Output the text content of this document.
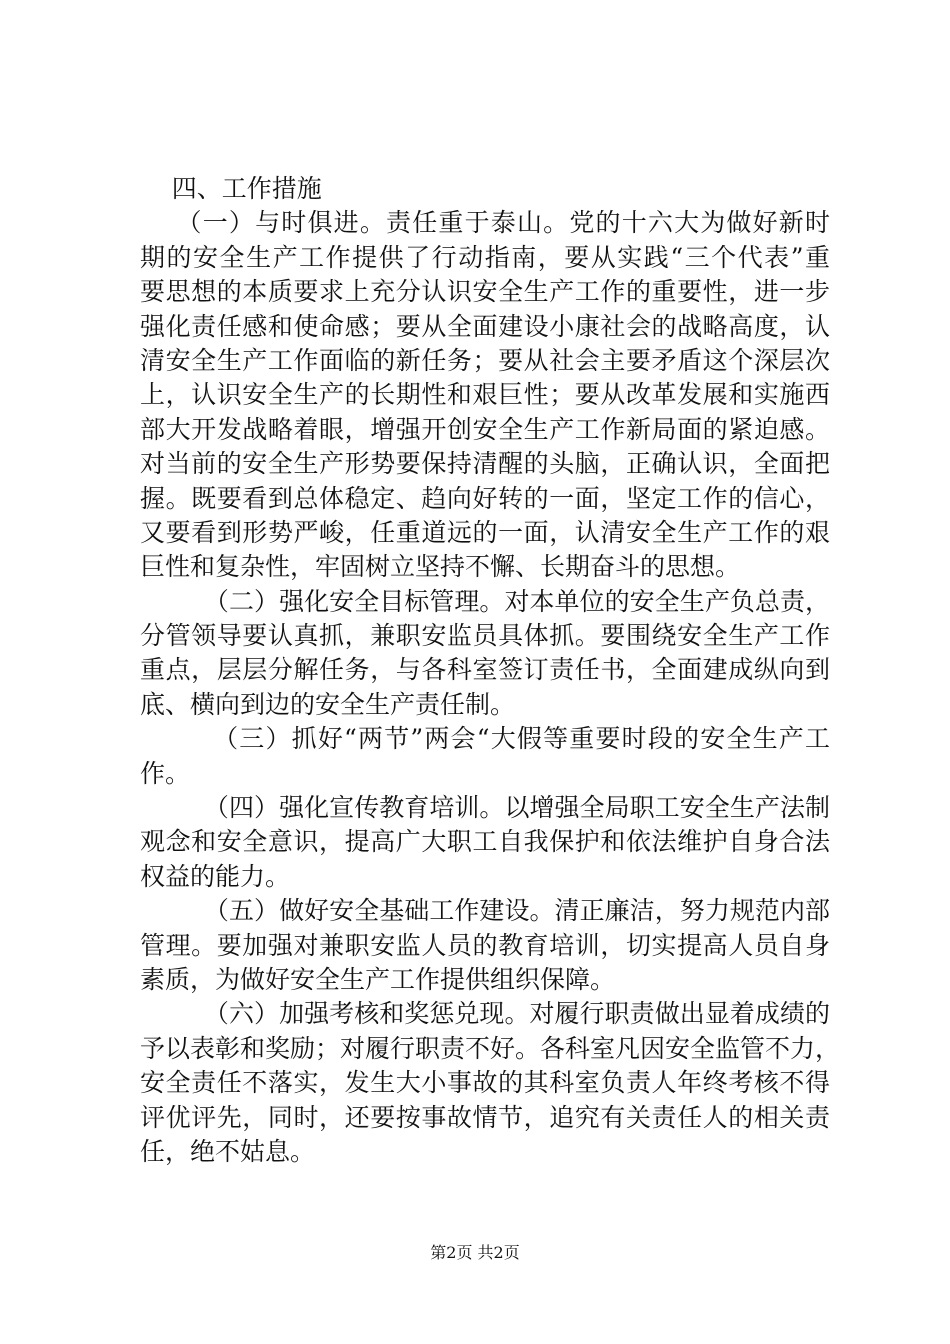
四、工作措施
（一）与时俱进。责任重于泰山。党的十六大为做好新时
期的安全生产工作提供了行动指南，要从实践“三个代表”重
要思想的本质要求上充分认识安全生产工作的重要性，进一步
强化责任感和使命感；要从全面建设小康社会的战略高度，认
清安全生产工作面临的新任务；要从社会主要矛盾这个深层次
上，认识安全生产的长期性和艰巨性；要从改革发展和实施西
部大开发战略着眼，增强开创安全生产工作新局面的紧迫感。
对当前的安全生产形势要保持清醒的头脑，正确认识，全面把
握。既要看到总体稳定、趋向好转的一面，坚定工作的信心，
又要看到形势严峻，任重道远的一面，认清安全生产工作的艰
巨性和复杂性，牢固树立坚持不懈、长期奋斗的思想。
（二）强化安全目标管理。对本单位的安全生产负总责，
分管领导要认真抓，兼职安监员具体抓。要围绕安全生产工作
重点，层层分解任务，与各科室签订责任书，全面建成纵向到
底、横向到边的安全生产责任制。
（三）抓好“两节”两会“大假等重要时段的安全生产工
作。
（四）强化宣传教育培训。以增强全局职工安全生产法制
观念和安全意识，提高广大职工自我保护和依法维护自身合法
权益的能力。
（五）做好安全基础工作建设。清正廉洁，努力规范内部
管理。要加强对兼职安监人员的教育培训，切实提高人员自身
素质，为做好安全生产工作提供组织保障。
（六）加强考核和奖惩兑现。对履行职责做出显着成绩的
予以表彰和奖励；对履行职责不好。各科室凡因安全监管不力，
安全责任不落实，发生大小事故的其科室负责人年终考核不得
评优评先，同时，还要按事故情节，追究有关责任人的相关责
任，绝不姑息。
第2页 共2页
